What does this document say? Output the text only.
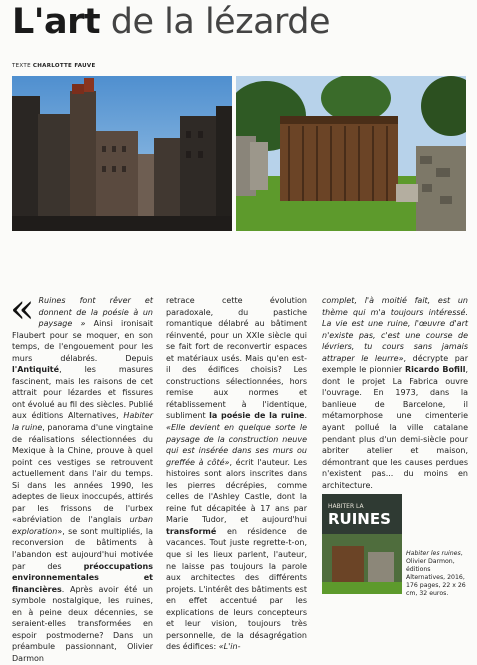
L'art de la lézarde
TEXTE CHARLOTTE FAUVE

« Ruines font rêver et donnent de la poésie à un paysage » Ainsi ironisait Flaubert pour se moquer, en son temps, de l'engouement pour les murs délabrés. Depuis l'Antiquité, les masures fascinent, mais les raisons de cet attrait pour lézardes et fissures ont évolué au fil des siècles. Publié aux éditions Alternatives, Habiter la ruine, panorama d'une vingtaine de réalisations sélectionnées du Mexique à la Chine, prouve à quel point ces vestiges se retrouvent actuellement dans l'air du temps. Si dans les années 1990, les adeptes de lieux inoccupés, attirés par les frissons de l'urbex «abréviation de l'anglais urban exploration», se sont multipliés, la reconversion de bâtiments à l'abandon est aujourd'hui motivée par des préoccupations environnementales et financières. Après avoir été un symbole nostalgique, les ruines, en à peine deux décennies, se seraient-elles transformées en espoir postmoderne? Dans un préambule passionnant, Olivier Darmon

retrace cette évolution paradoxale, du pastiche romantique délabré au bâtiment réinventé, pour un XXIe siècle qui se fait fort de reconvertir espaces et matériaux usés. Mais qu'en est-il des édifices choisis? Les constructions sélectionnées, hors remise aux normes et rétablissement à l'identique, subliment la poésie de la ruine. «Elle devient en quelque sorte le paysage de la construction neuve qui est insérée dans ses murs ou greffée à côté», écrit l'auteur. Les histoires sont alors inscrites dans les pierres décrépies, comme celles de l'Ashley Castle, dont la reine fut décapitée à 17 ans par Marie Tudor, et aujourd'hui transformé en résidence de vacances. Tout juste regrette-t-on, que si les lieux parlent, l'auteur, ne laisse pas toujours la parole aux architectes des différents projets. L'intérêt des bâtiments est en effet accentué par les explications de leurs concepteurs et leur vision, toujours très personnelle, de la désagrégation des édifices: «L'in-

complet, l'à moitié fait, est un thème qui m'a toujours intéressé. La vie est une ruine, l'œuvre d'art n'existe pas, c'est une course de lévriers, tu cours sans jamais attraper le leurre», décrypte par exemple le pionnier Ricardo Bofill, dont le projet La Fabrica ouvre l'ouvrage. En 1973, dans la banlieue de Barcelone, il métamorphose une cimenterie ayant pollué la ville catalane pendant plus d'un demi-siècle pour abriter atelier et maison, démontrant que les causes perdues n'existent pas... du moins en architecture.

HABITER LA
RUINES
Habiter les ruines, Olivier Darmon, éditions Alternatives, 2016, 176 pages, 22 x 26 cm, 32 euros.
